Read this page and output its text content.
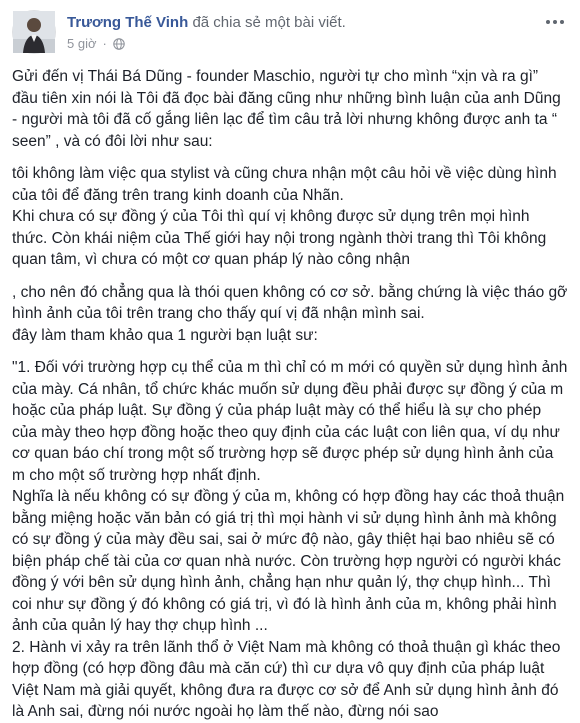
Trương Thế Vinh đã chia sẻ một bài viết.
5 giờ ·

Gửi đến vị Thái Bá Dũng - founder Maschio, người tự cho mình “xịn và ra gì” đầu tiên xin nói là Tôi đã đọc bài đăng cũng như những bình luận của anh Dũng - người mà tôi đã cố gắng liên lạc để tìm câu trả lời nhưng không được anh ta “ seen” , và có đôi lời như sau:

tôi không làm việc qua stylist và cũng chưa nhận một câu hỏi về việc dùng hình của tôi để đăng trên trang kinh doanh của Nhãn.

Khi chưa có sự đồng ý của Tôi thì quí vị không được sử dụng trên mọi hình thức. Còn khái niệm của Thế giới hay nội trong ngành thời trang thì Tôi không quan tâm, vì chưa có một cơ quan pháp lý nào công nhận

, cho nên đó chẳng qua là thói quen không có cơ sở. bằng chứng là việc tháo gỡ hình ảnh của tôi trên trang cho thấy quí vị đã nhận mình sai.

đây làm tham khảo qua 1 người bạn luật sư:

"1. Đối với trường hợp cụ thể của m thì chỉ có m mới có quyền sử dụng hình ảnh của mày. Cá nhân, tổ chức khác muốn sử dụng đều phải được sự đồng ý của m hoặc của pháp luật. Sự đồng ý của pháp luật mày có thể hiểu là sự cho phép của mày theo hợp đồng hoặc theo quy định của các luật con liên qua, ví dụ như cơ quan báo chí trong một số trường hợp sẽ được phép sử dụng hình ảnh của m cho một số trường hợp nhất định.

Nghĩa là nếu không có sự đồng ý của m, không có hợp đồng hay các thoả thuận bằng miệng hoặc văn bản có giá trị thì mọi hành vi sử dụng hình ảnh mà không có sự đồng ý của mày đều sai, sai ở mức độ nào, gây thiệt hại bao nhiêu sẽ có biện pháp chế tài của cơ quan nhà nước. Còn trường hợp người có người khác đồng ý với bên sử dụng hình ảnh, chẳng hạn như quản lý, thợ chụp hình... Thì coi như sự đồng ý đó không có giá trị, vì đó là hình ảnh của m, không phải hình ảnh của quản lý hay thợ chụp hình ...

2. Hành vi xảy ra trên lãnh thổ ở Việt Nam mà không có thoả thuận gì khác theo hợp đồng (có hợp đồng đâu mà căn cứ) thì cư dựa vô quy định của pháp luật Việt Nam mà giải quyết, không đưa ra được cơ sở để Anh sử dụng hình ảnh đó là Anh sai, đừng nói nước ngoài họ làm thế nào, đừng nói sao
